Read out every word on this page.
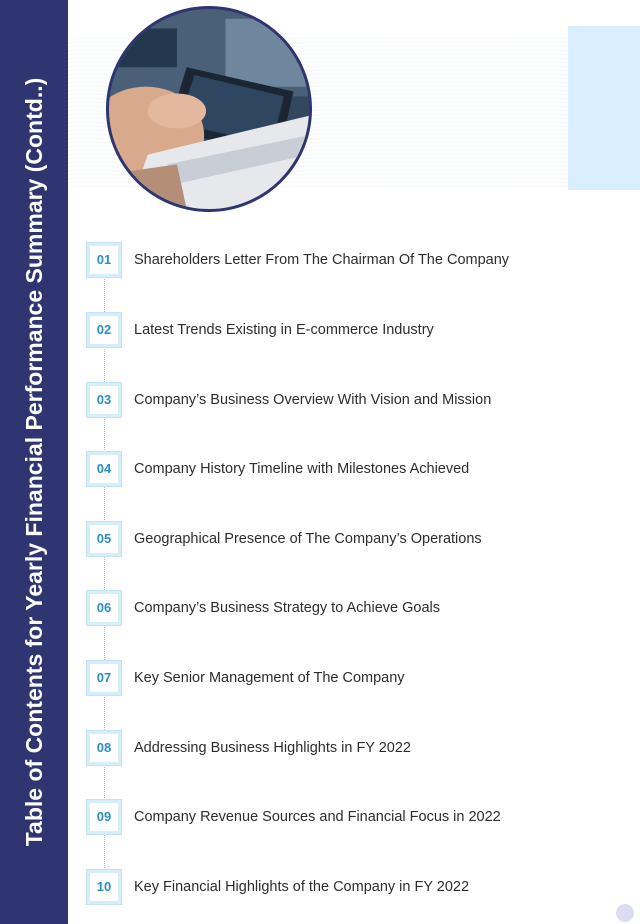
Table of Contents for Yearly Financial Performance Summary (Contd..)	01	Shareholders Letter From The Chairman Of The Company
02	Latest Trends Existing in E-commerce Industry
03	Company’s Business Overview With Vision and Mission
04	Company History Timeline with Milestones Achieved
05	Geographical Presence of The Company’s Operations
06	Company’s Business Strategy to Achieve Goals
07	Key Senior Management of The Company
08	Addressing Business Highlights in FY 2022
09	Company Revenue Sources and Financial Focus in 2022
10	Key Financial Highlights of the Company in FY 2022
